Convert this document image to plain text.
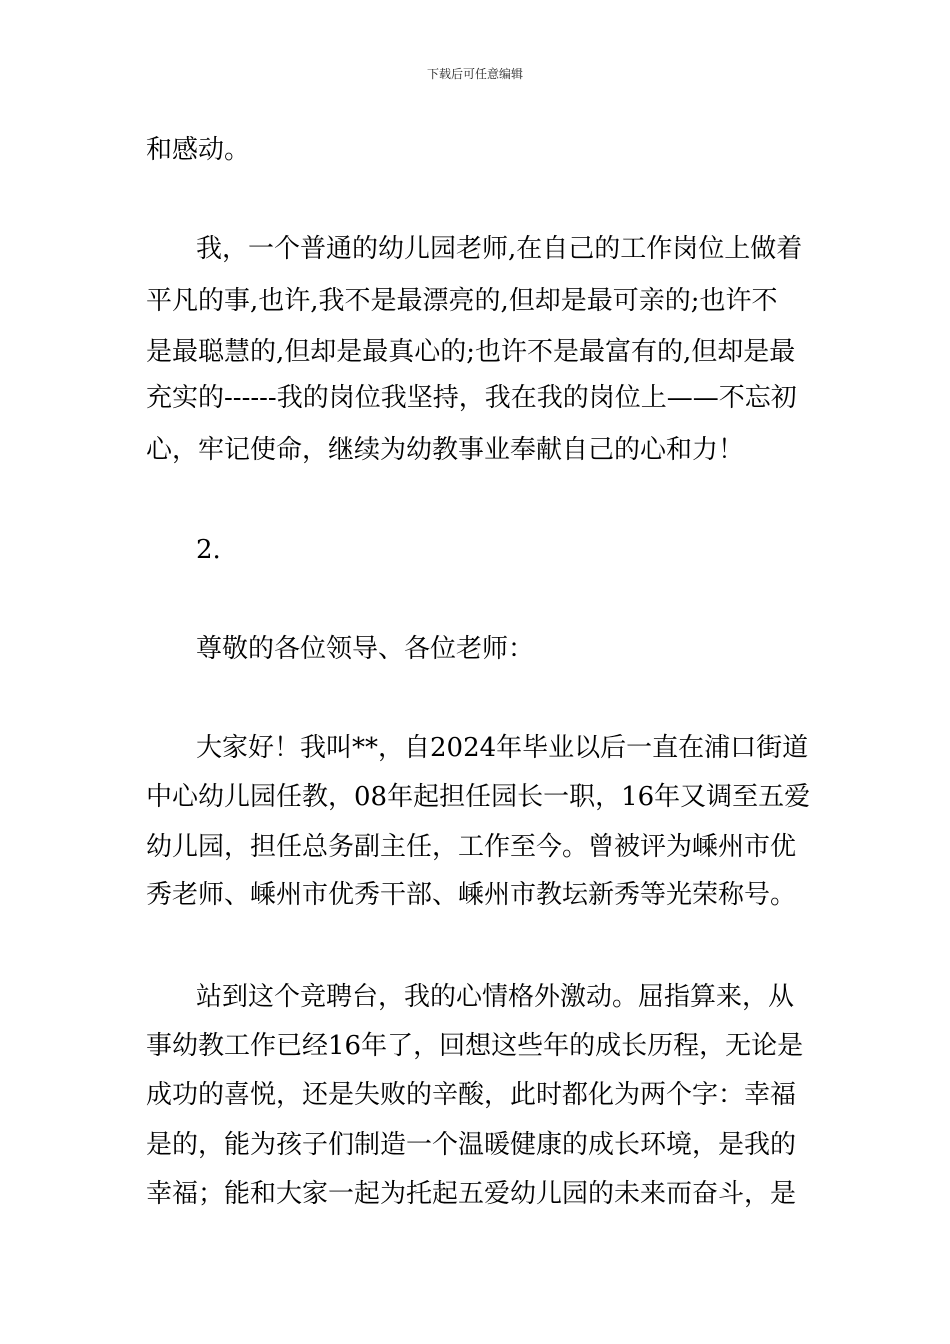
下载后可任意编辑
和感动。
我，一个普通的幼儿园老师,在自己的工作岗位上做着
平凡的事,也许,我不是最漂亮的,但却是最可亲的;也许不
是最聪慧的,但却是最真心的;也许不是最富有的,但却是最
充实的------我的岗位我坚持，我在我的岗位上——不忘初
心，牢记使命，继续为幼教事业奉献自己的心和力！
2.
尊敬的各位领导、各位老师：
大家好！我叫**，自2024年毕业以后一直在浦口街道
中心幼儿园任教，08年起担任园长一职，16年又调至五爱
幼儿园，担任总务副主任，工作至今。曾被评为嵊州市优
秀老师、嵊州市优秀干部、嵊州市教坛新秀等光荣称号。
站到这个竞聘台，我的心情格外激动。屈指算来，从
事幼教工作已经16年了，回想这些年的成长历程，无论是
成功的喜悦，还是失败的辛酸，此时都化为两个字：幸福
是的，能为孩子们制造一个温暖健康的成长环境，是我的
幸福；能和大家一起为托起五爱幼儿园的未来而奋斗，是
